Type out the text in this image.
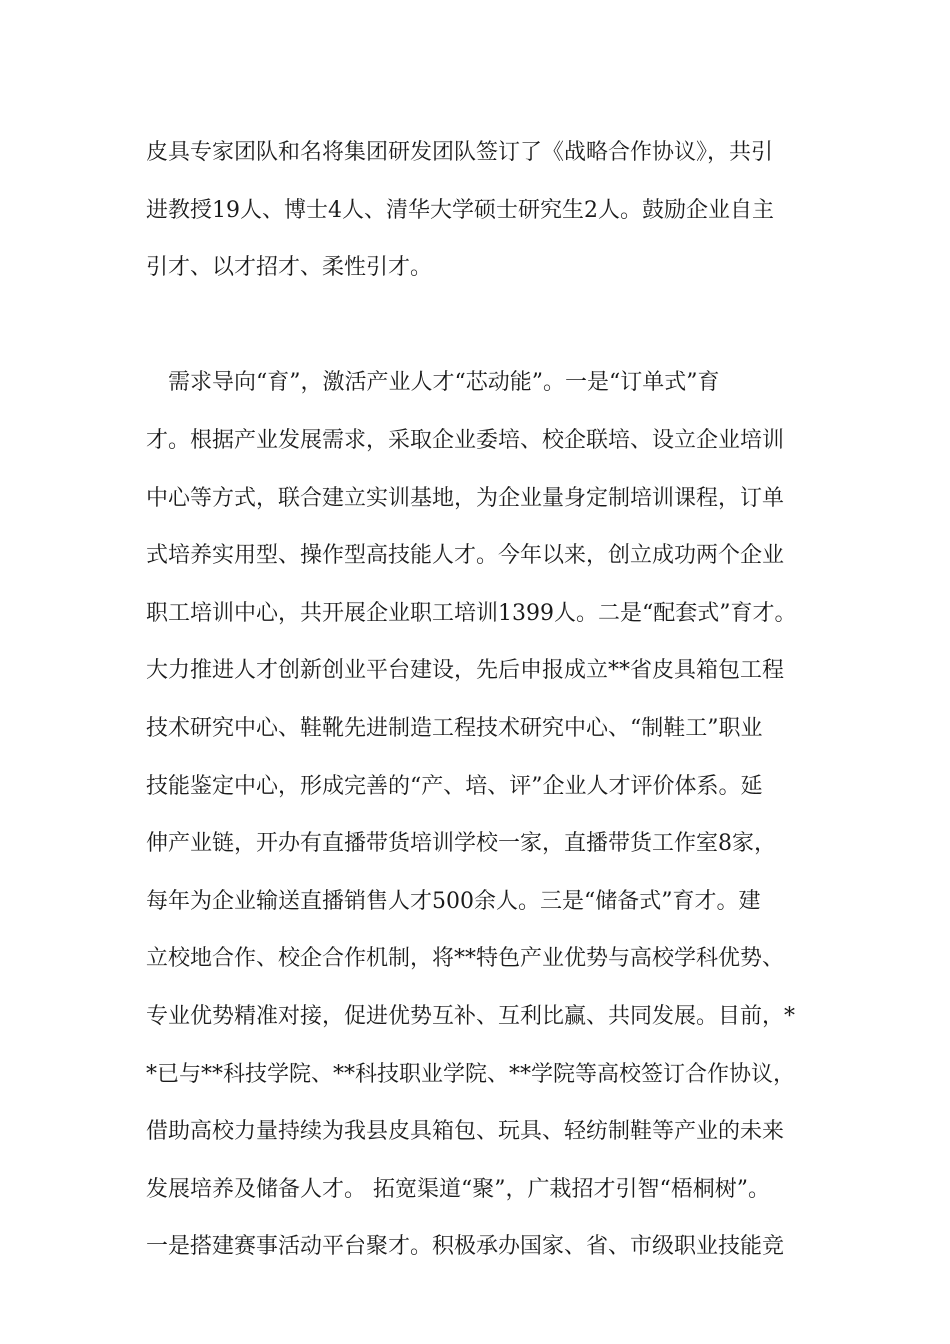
皮具专家团队和名将集团研发团队签订了《战略合作协议》，共引
进教授19人、博士4人、清华大学硕士研究生2人。鼓励企业自主
引才、以才招才、柔性引才。
　需求导向“育”，激活产业人才“芯动能”。一是“订单式”育
才。根据产业发展需求，采取企业委培、校企联培、设立企业培训
中心等方式，联合建立实训基地，为企业量身定制培训课程，订单
式培养实用型、操作型高技能人才。今年以来，创立成功两个企业
职工培训中心，共开展企业职工培训1399人。二是“配套式”育才。
大力推进人才创新创业平台建设，先后申报成立**省皮具箱包工程
技术研究中心、鞋靴先进制造工程技术研究中心、“制鞋工”职业
技能鉴定中心，形成完善的“产、培、评”企业人才评价体系。延
伸产业链，开办有直播带货培训学校一家，直播带货工作室8家，
每年为企业输送直播销售人才500余人。三是“储备式”育才。建
立校地合作、校企合作机制，将**特色产业优势与高校学科优势、
专业优势精准对接，促进优势互补、互利比赢、共同发展。目前，*
*已与**科技学院、**科技职业学院、**学院等高校签订合作协议，
借助高校力量持续为我县皮具箱包、玩具、轻纺制鞋等产业的未来
发展培养及储备人才。 拓宽渠道“聚”，广栽招才引智“梧桐树”。
一是搭建赛事活动平台聚才。积极承办国家、省、市级职业技能竞
